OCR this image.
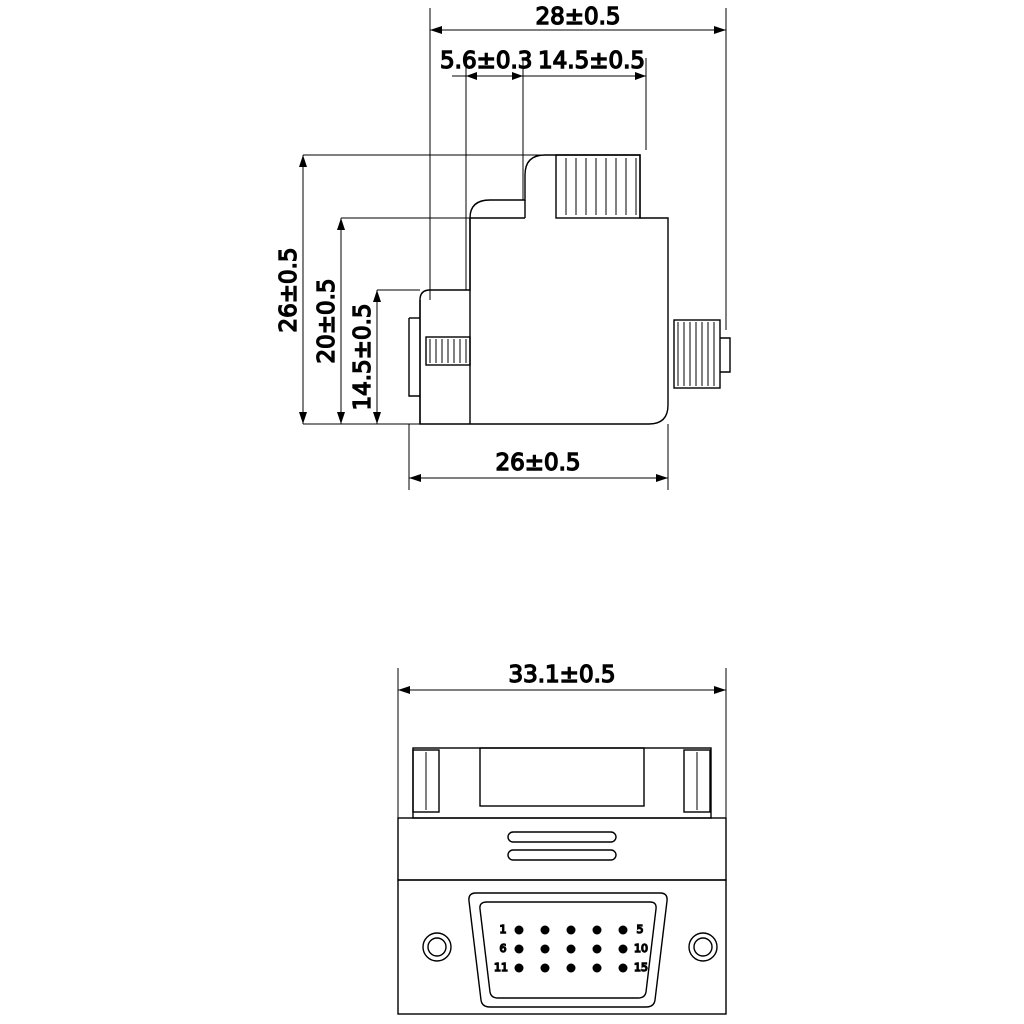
28±0.5
5.6±0.3 14.5±0.5
26±0.5 20±0.5 14.5±0.5
26±0.5
1	5
6	10
11	15
33.1±0.5
